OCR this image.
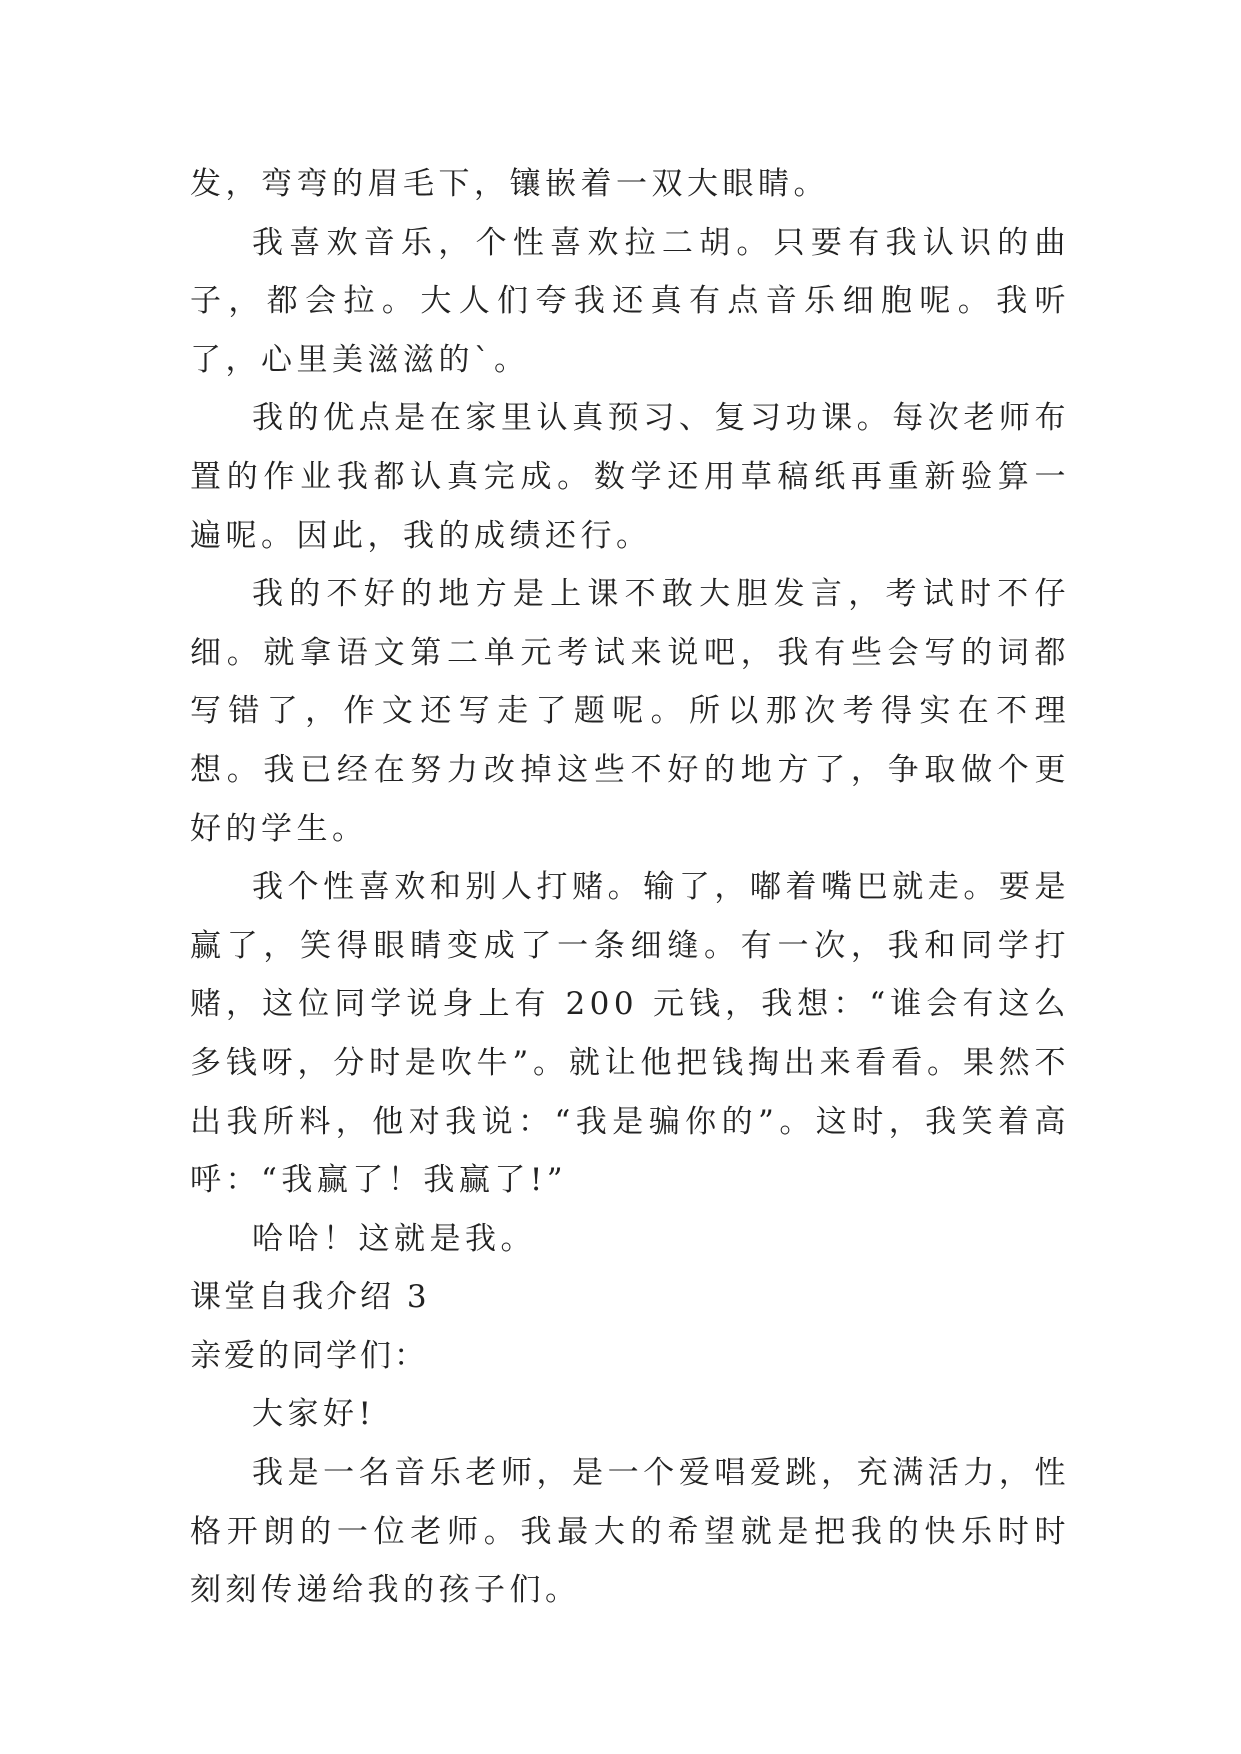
发，弯弯的眉毛下，镶嵌着一双大眼睛。

我喜欢音乐，个性喜欢拉二胡。只要有我认识的曲子，都会拉。大人们夸我还真有点音乐细胞呢。我听了，心里美滋滋的`。

我的优点是在家里认真预习、复习功课。每次老师布置的作业我都认真完成。数学还用草稿纸再重新验算一遍呢。因此，我的成绩还行。

我的不好的地方是上课不敢大胆发言，考试时不仔细。就拿语文第二单元考试来说吧，我有些会写的词都写错了，作文还写走了题呢。所以那次考得实在不理想。我已经在努力改掉这些不好的地方了，争取做个更好的学生。

我个性喜欢和别人打赌。输了，嘟着嘴巴就走。要是赢了，笑得眼睛变成了一条细缝。有一次，我和同学打赌，这位同学说身上有 200 元钱，我想：“谁会有这么多钱呀，分时是吹牛”。就让他把钱掏出来看看。果然不出我所料，他对我说：“我是骗你的”。这时，我笑着高呼：“我赢了！我赢了!”

哈哈！这就是我。

课堂自我介绍 3

亲爱的同学们：

大家好!

我是一名音乐老师，是一个爱唱爱跳，充满活力，性格开朗的一位老师。我最大的希望就是把我的快乐时时刻刻传递给我的孩子们。
